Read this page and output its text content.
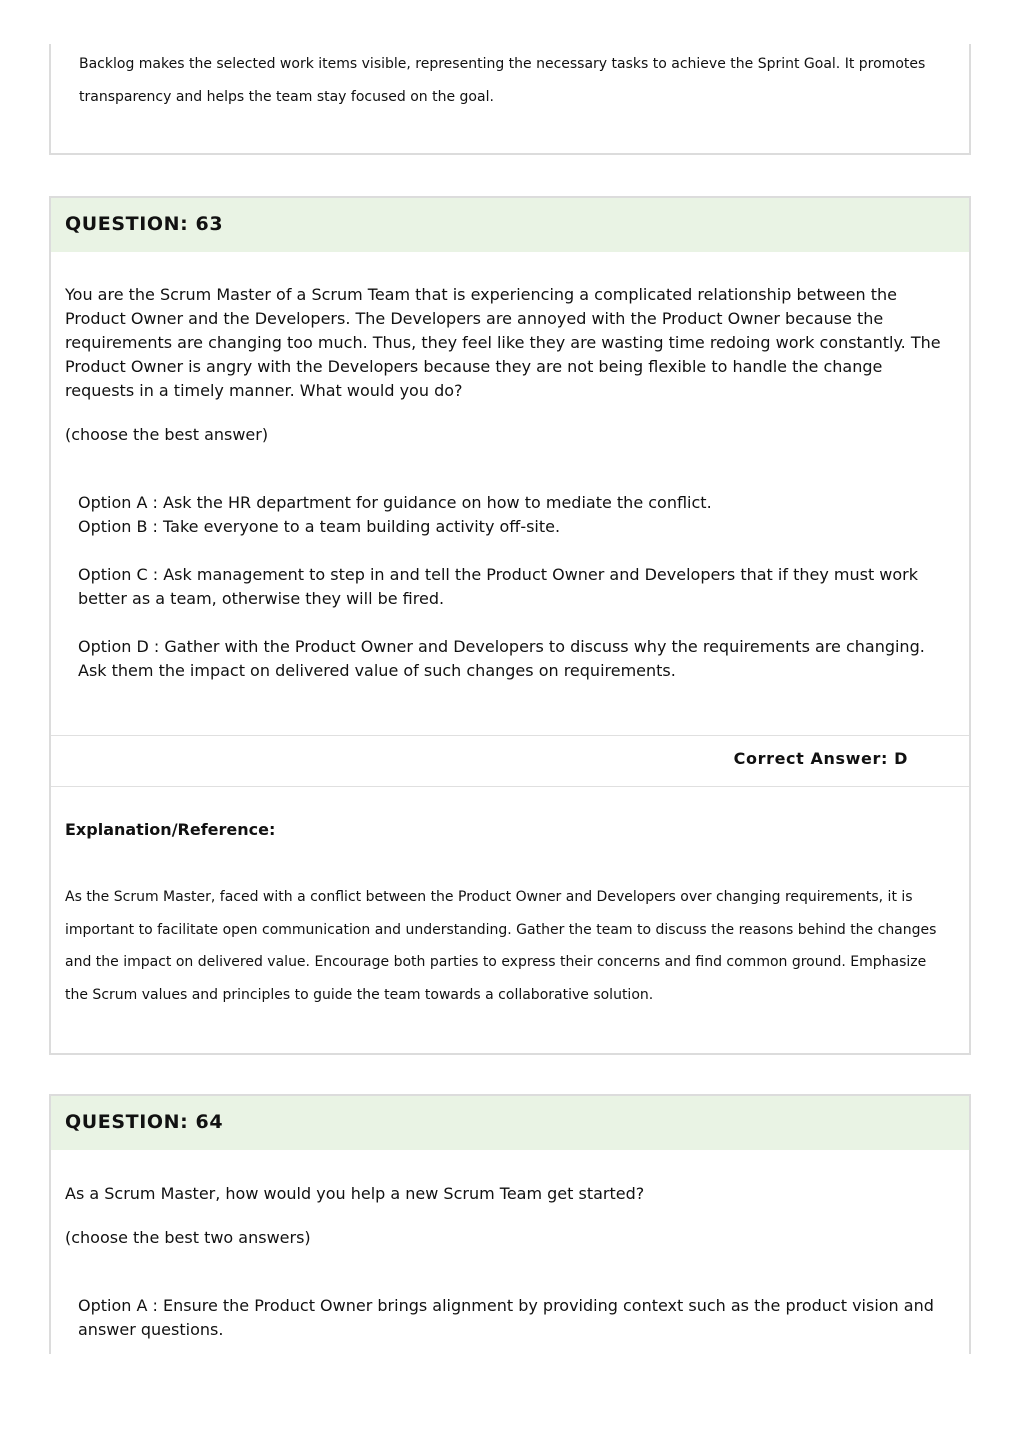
Backlog makes the selected work items visible, representing the necessary tasks to achieve the Sprint Goal. It promotes transparency and helps the team stay focused on the goal.

QUESTION: 63

You are the Scrum Master of a Scrum Team that is experiencing a complicated relationship between the Product Owner and the Developers. The Developers are annoyed with the Product Owner because the requirements are changing too much. Thus, they feel like they are wasting time redoing work constantly. The Product Owner is angry with the Developers because they are not being flexible to handle the change requests in a timely manner. What would you do?

(choose the best answer)

Option A : Ask the HR department for guidance on how to mediate the conflict.

Option B : Take everyone to a team building activity off-site.

Option C : Ask management to step in and tell the Product Owner and Developers that if they must work better as a team, otherwise they will be fired.

Option D : Gather with the Product Owner and Developers to discuss why the requirements are changing. Ask them the impact on delivered value of such changes on requirements.

Correct Answer: D
Explanation/Reference:

As the Scrum Master, faced with a conflict between the Product Owner and Developers over changing requirements, it is important to facilitate open communication and understanding. Gather the team to discuss the reasons behind the changes and the impact on delivered value. Encourage both parties to express their concerns and find common ground. Emphasize the Scrum values and principles to guide the team towards a collaborative solution.

QUESTION: 64

As a Scrum Master, how would you help a new Scrum Team get started?

(choose the best two answers)

Option A : Ensure the Product Owner brings alignment by providing context such as the product vision and answer questions.
